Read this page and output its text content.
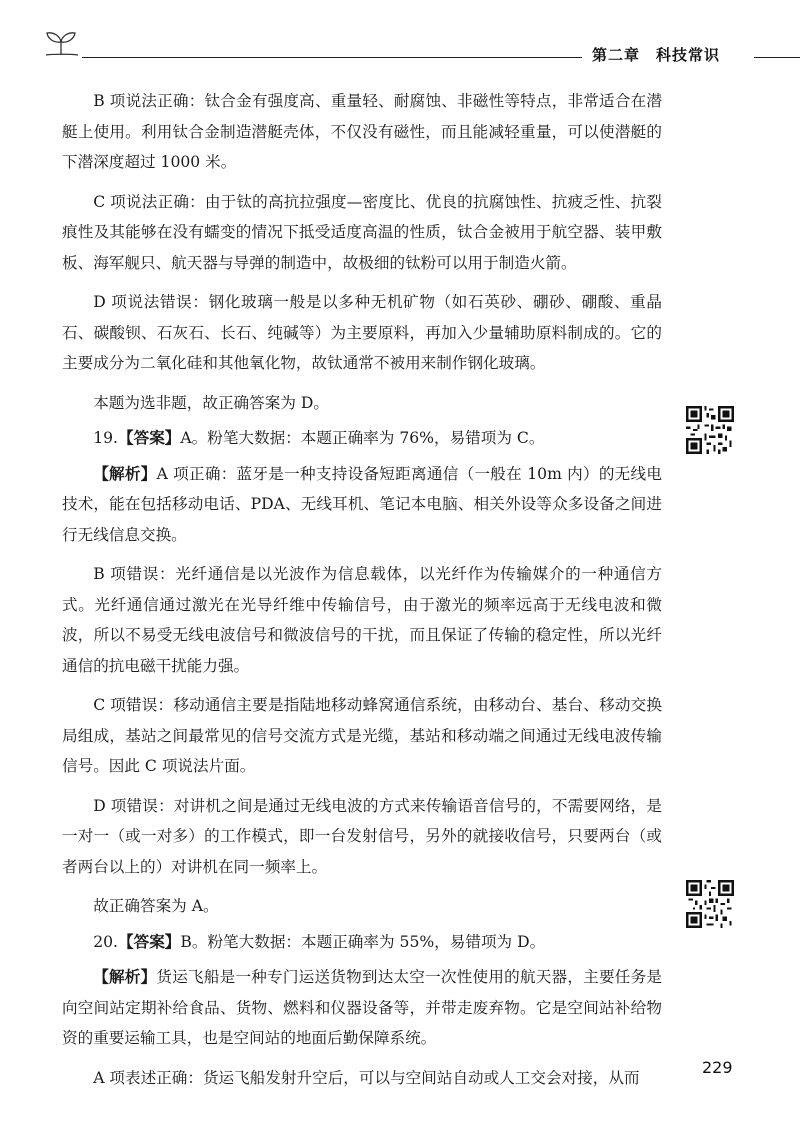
第二章　科技常识

B 项说法正确：钛合金有强度高、重量轻、耐腐蚀、非磁性等特点，非常适合在潜艇上使用。利用钛合金制造潜艇壳体，不仅没有磁性，而且能减轻重量，可以使潜艇的下潜深度超过 1000 米。

C 项说法正确：由于钛的高抗拉强度—密度比、优良的抗腐蚀性、抗疲乏性、抗裂痕性及其能够在没有蠕变的情况下抵受适度高温的性质，钛合金被用于航空器、装甲敷板、海军舰只、航天器与导弹的制造中，故极细的钛粉可以用于制造火箭。

D 项说法错误：钢化玻璃一般是以多种无机矿物（如石英砂、硼砂、硼酸、重晶石、碳酸钡、石灰石、长石、纯碱等）为主要原料，再加入少量辅助原料制成的。它的主要成分为二氧化硅和其他氧化物，故钛通常不被用来制作钢化玻璃。

本题为选非题，故正确答案为 D。

19.【答案】A。粉笔大数据：本题正确率为 76%，易错项为 C。

【解析】A 项正确：蓝牙是一种支持设备短距离通信（一般在 10m 内）的无线电技术，能在包括移动电话、PDA、无线耳机、笔记本电脑、相关外设等众多设备之间进行无线信息交换。

B 项错误：光纤通信是以光波作为信息载体，以光纤作为传输媒介的一种通信方式。光纤通信通过激光在光导纤维中传输信号，由于激光的频率远高于无线电波和微波，所以不易受无线电波信号和微波信号的干扰，而且保证了传输的稳定性，所以光纤通信的抗电磁干扰能力强。

C 项错误：移动通信主要是指陆地移动蜂窝通信系统，由移动台、基台、移动交换局组成，基站之间最常见的信号交流方式是光缆，基站和移动端之间通过无线电波传输信号。因此 C 项说法片面。

D 项错误：对讲机之间是通过无线电波的方式来传输语音信号的，不需要网络，是一对一（或一对多）的工作模式，即一台发射信号，另外的就接收信号，只要两台（或者两台以上的）对讲机在同一频率上。

故正确答案为 A。

20.【答案】B。粉笔大数据：本题正确率为 55%，易错项为 D。

【解析】货运飞船是一种专门运送货物到达太空一次性使用的航天器，主要任务是向空间站定期补给食品、货物、燃料和仪器设备等，并带走废弃物。它是空间站补给物资的重要运输工具，也是空间站的地面后勤保障系统。

A 项表述正确：货运飞船发射升空后，可以与空间站自动或人工交会对接，从而

229
